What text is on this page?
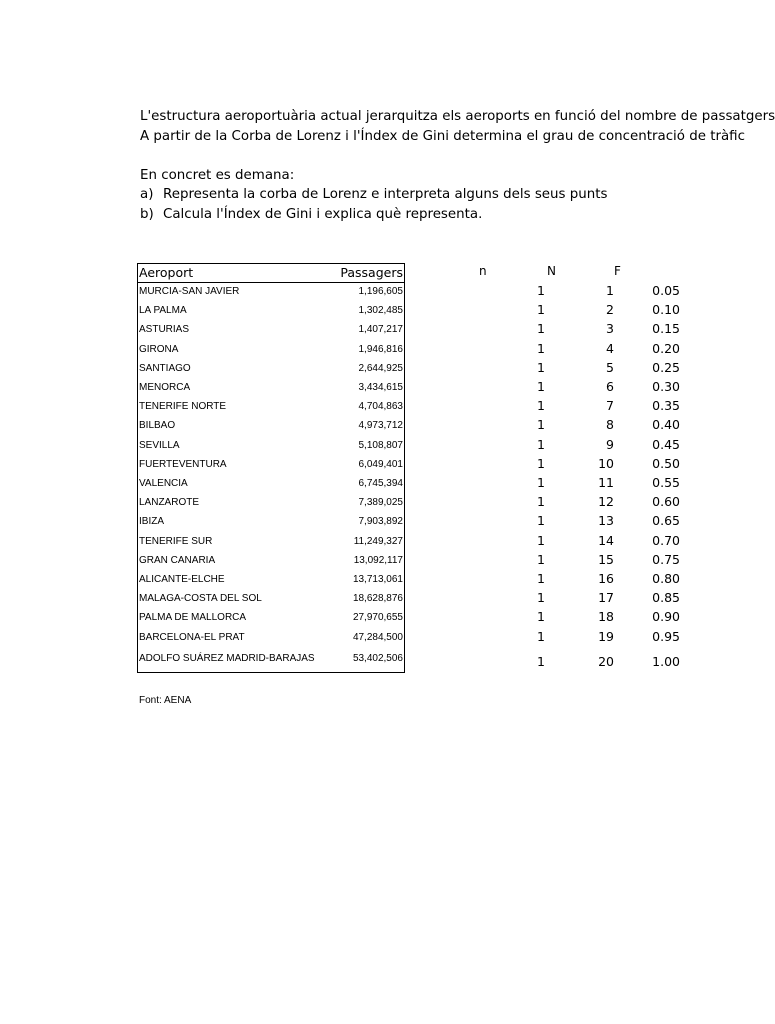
L'estructura aeroportuària actual jerarquitza els aeroports en funció del nombre de passatgers
A partir de la Corba de Lorenz i l'Índex de Gini determina el grau de concentració de tràfic
En concret es demana:
a) Representa la corba de Lorenz e interpreta alguns dels seus punts
b) Calcula l'Índex de Gini i explica què representa.
Aeroport	Passagers
MURCIA-SAN JAVIER	1,196,605
LA PALMA	1,302,485
ASTURIAS	1,407,217
GIRONA	1,946,816
SANTIAGO	2,644,925
MENORCA	3,434,615
TENERIFE NORTE	4,704,863
BILBAO	4,973,712
SEVILLA	5,108,807
FUERTEVENTURA	6,049,401
VALENCIA	6,745,394
LANZAROTE	7,389,025
IBIZA	7,903,892
TENERIFE SUR	11,249,327
GRAN CANARIA	13,092,117
ALICANTE-ELCHE	13,713,061
MALAGA-COSTA DEL SOL	18,628,876
PALMA DE MALLORCA	27,970,655
BARCELONA-EL PRAT	47,284,500
ADOLFO SUÁREZ MADRID-BARAJAS	53,402,506
n	N	F
1	1	0.05
1	2	0.10
1	3	0.15
1	4	0.20
1	5	0.25
1	6	0.30
1	7	0.35
1	8	0.40
1	9	0.45
1	10	0.50
1	11	0.55
1	12	0.60
1	13	0.65
1	14	0.70
1	15	0.75
1	16	0.80
1	17	0.85
1	18	0.90
1	19	0.95
1	20	1.00
Font: AENA
